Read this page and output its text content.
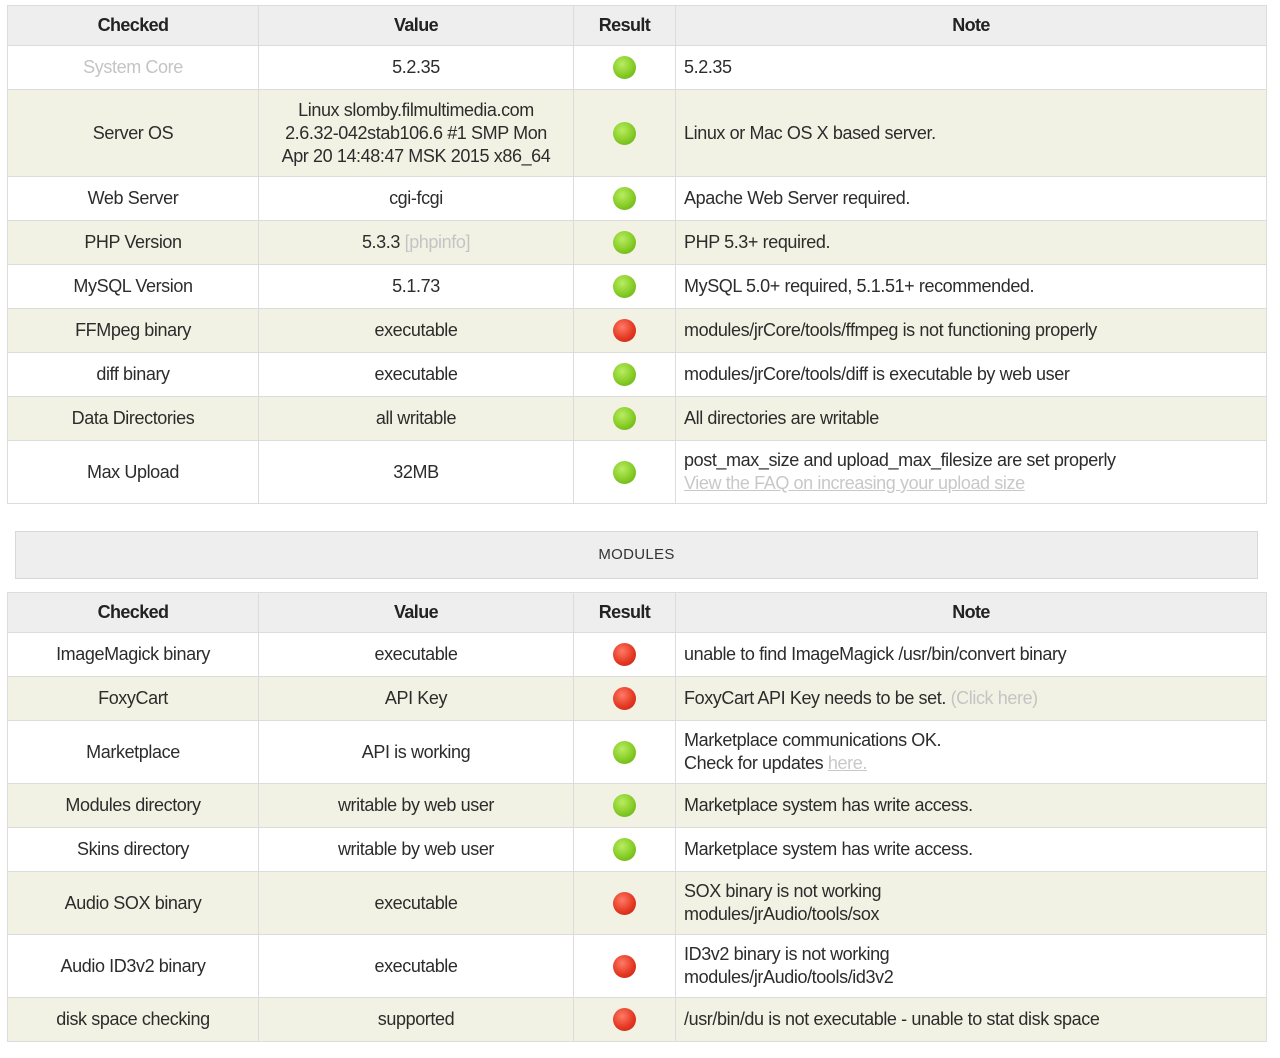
Checked	Value	Result	Note
System Core	5.2.35		5.2.35
Server OS	Linux slomby.filmultimedia.com
2.6.32-042stab106.6 #1 SMP Mon
Apr 20 14:48:47 MSK 2015 x86_64		Linux or Mac OS X based server.
Web Server	cgi-fcgi		Apache Web Server required.
PHP Version	5.3.3 [phpinfo]		PHP 5.3+ required.
MySQL Version	5.1.73		MySQL 5.0+ required, 5.1.51+ recommended.
FFMpeg binary	executable		modules/jrCore/tools/ffmpeg is not functioning properly
diff binary	executable		modules/jrCore/tools/diff is executable by web user
Data Directories	all writable		All directories are writable
Max Upload	32MB		post_max_size and upload_max_filesize are set properly
View the FAQ on increasing your upload size
MODULES
Checked	Value	Result	Note
ImageMagick binary	executable		unable to find ImageMagick /usr/bin/convert binary
FoxyCart	API Key		FoxyCart API Key needs to be set. (Click here)
Marketplace	API is working		Marketplace communications OK.
Check for updates here.

Modules directory	writable by web user		Marketplace system has write access.
Skins directory	writable by web user		Marketplace system has write access.
Audio SOX binary	executable		SOX binary is not working
modules/jrAudio/tools/sox

Audio ID3v2 binary	executable		ID3v2 binary is not working
modules/jrAudio/tools/id3v2

disk space checking	supported		/usr/bin/du is not executable - unable to stat disk space
